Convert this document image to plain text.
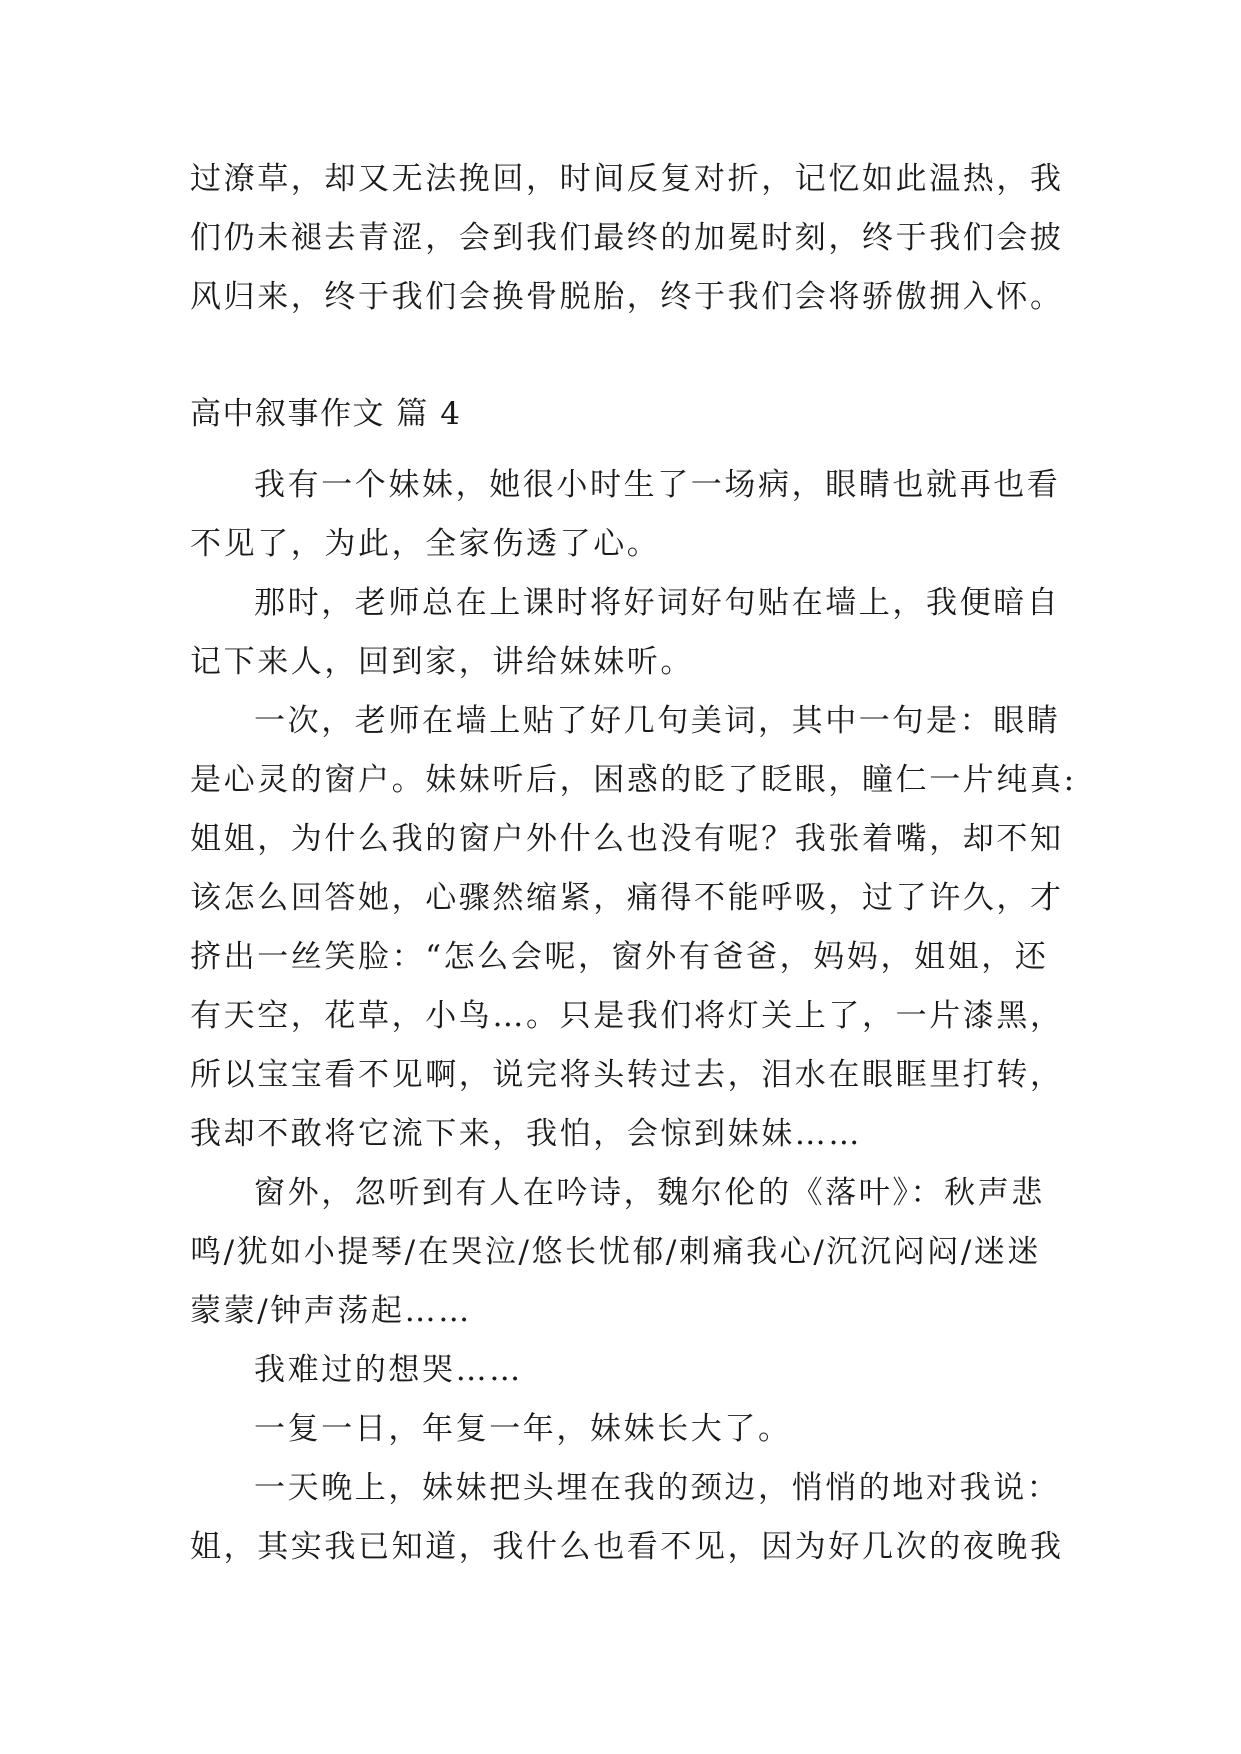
过潦草，却又无法挽回，时间反复对折，记忆如此温热，我
们仍未褪去青涩，会到我们最终的加冕时刻，终于我们会披
风归来，终于我们会换骨脱胎，终于我们会将骄傲拥入怀。
高中叙事作文 篇 4
我有一个妹妹，她很小时生了一场病，眼睛也就再也看
不见了，为此，全家伤透了心。
那时，老师总在上课时将好词好句贴在墙上，我便暗自
记下来人，回到家，讲给妹妹听。
一次，老师在墙上贴了好几句美词，其中一句是：眼睛
是心灵的窗户。妹妹听后，困惑的眨了眨眼，瞳仁一片纯真:
姐姐，为什么我的窗户外什么也没有呢？我张着嘴，却不知
该怎么回答她，心骤然缩紧，痛得不能呼吸，过了许久，才
挤出一丝笑脸：“怎么会呢，窗外有爸爸，妈妈，姐姐，还
有天空，花草，小鸟…。只是我们将灯关上了，一片漆黑，
所以宝宝看不见啊，说完将头转过去，泪水在眼眶里打转，
我却不敢将它流下来，我怕，会惊到妹妹……
窗外，忽听到有人在吟诗，魏尔伦的《落叶》：秋声悲
鸣/犹如小提琴/在哭泣/悠长忧郁/刺痛我心/沉沉闷闷/迷迷
蒙蒙/钟声荡起……
我难过的想哭……
一复一日，年复一年，妹妹长大了。
一天晚上，妹妹把头埋在我的颈边，悄悄的地对我说：
姐，其实我已知道，我什么也看不见，因为好几次的夜晚我
